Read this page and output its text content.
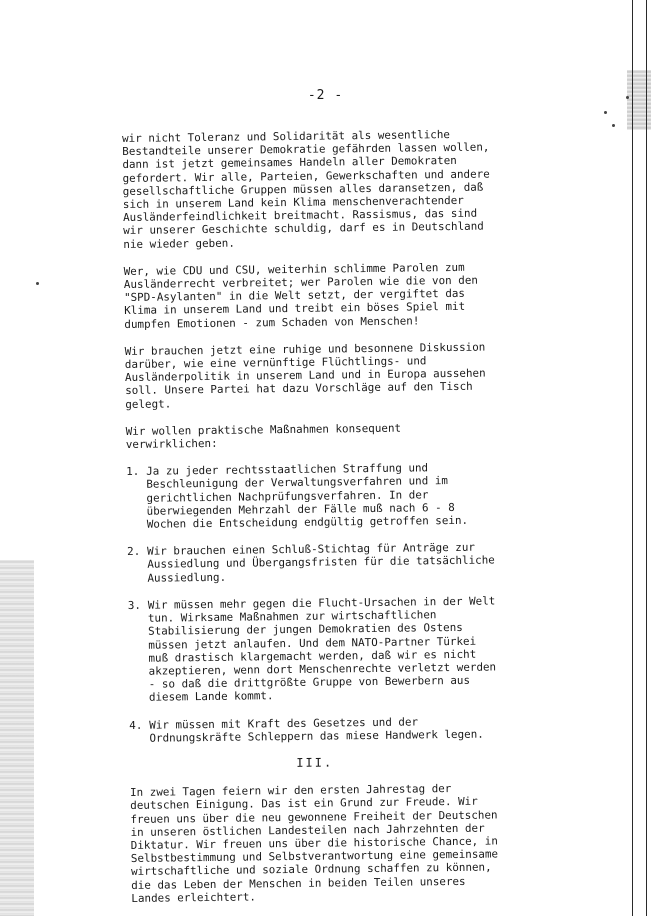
-2 -

wir nicht Toleranz und Solidarität als wesentliche Bestandteile unserer Demokratie gefährden lassen wollen, dann ist jetzt gemeinsames Handeln aller Demokraten gefordert. Wir alle, Parteien, Gewerkschaften und andere gesellschaftliche Gruppen müssen alles daransetzen, daß sich in unserem Land kein Klima menschenverachtender Ausländerfeindlichkeit breitmacht. Rassismus, das sind wir unserer Geschichte schuldig, darf es in Deutschland nie wieder geben.

Wer, wie CDU und CSU, weiterhin schlimme Parolen zum Ausländerrecht verbreitet; wer Parolen wie die von den "SPD-Asylanten" in die Welt setzt, der vergiftet das Klima in unserem Land und treibt ein böses Spiel mit dumpfen Emotionen - zum Schaden von Menschen!

Wir brauchen jetzt eine ruhige und besonnene Diskussion darüber, wie eine vernünftige Flüchtlings- und Ausländerpolitik in unserem Land und in Europa aussehen soll. Unsere Partei hat dazu Vorschläge auf den Tisch gelegt.

Wir wollen praktische Maßnahmen konsequent verwirklichen:

1. Ja zu jeder rechtsstaatlichen Straffung und Beschleunigung der Verwaltungsverfahren und im gerichtlichen Nachprüfungsverfahren. In der überwiegenden Mehrzahl der Fälle muß nach 6 - 8 Wochen die Entscheidung endgültig getroffen sein.
2. Wir brauchen einen Schluß-Stichtag für Anträge zur Aussiedlung und Übergangsfristen für die tatsächliche Aussiedlung.
3. Wir müssen mehr gegen die Flucht-Ursachen in der Welt tun. Wirksame Maßnahmen zur wirtschaftlichen Stabilisierung der jungen Demokratien des Ostens müssen jetzt anlaufen. Und dem NATO-Partner Türkei muß drastisch klargemacht werden, daß wir es nicht akzeptieren, wenn dort Menschenrechte verletzt werden - so daß die drittgrößte Gruppe von Bewerbern aus diesem Lande kommt.
4. Wir müssen mit Kraft des Gesetzes und der Ordnungskräfte Schleppern das miese Handwerk legen.
III.

In zwei Tagen feiern wir den ersten Jahrestag der deutschen Einigung. Das ist ein Grund zur Freude. Wir freuen uns über die neu gewonnene Freiheit der Deutschen in unseren östlichen Landesteilen nach Jahrzehnten der Diktatur. Wir freuen uns über die historische Chance, in Selbstbestimmung und Selbstverantwortung eine gemeinsame wirtschaftliche und soziale Ordnung schaffen zu können, die das Leben der Menschen in beiden Teilen unseres Landes erleichtert.
